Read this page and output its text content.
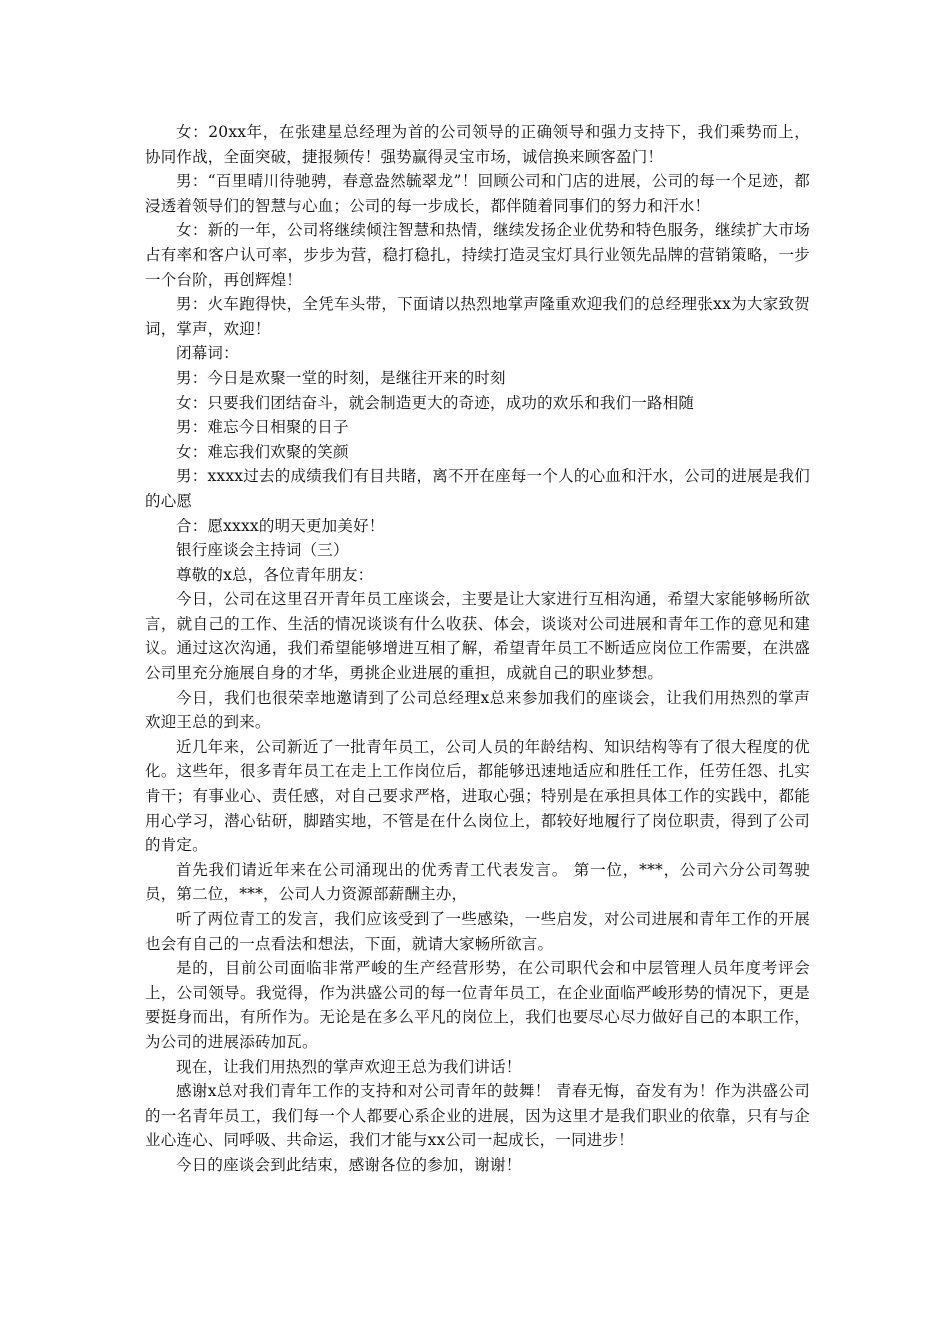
女：20xx年，在张建星总经理为首的公司领导的正确领导和强力支持下，我们乘势而上，协同作战，全面突破，捷报频传！强势赢得灵宝市场，诚信换来顾客盈门！

男：“百里晴川待驰骋，春意盎然毓翠龙”！回顾公司和门店的进展，公司的每一个足迹，都浸透着领导们的智慧与心血；公司的每一步成长，都伴随着同事们的努力和汗水！

女：新的一年，公司将继续倾注智慧和热情，继续发扬企业优势和特色服务，继续扩大市场占有率和客户认可率，步步为营，稳打稳扎，持续打造灵宝灯具行业领先品牌的营销策略，一步一个台阶，再创辉煌！

男：火车跑得快，全凭车头带，下面请以热烈地掌声隆重欢迎我们的总经理张xx为大家致贺词，掌声，欢迎！

闭幕词：

男：今日是欢聚一堂的时刻，是继往开来的时刻

女：只要我们团结奋斗，就会制造更大的奇迹，成功的欢乐和我们一路相随

男：难忘今日相聚的日子

女：难忘我们欢聚的笑颜

男：xxxx过去的成绩我们有目共睹，离不开在座每一个人的心血和汗水，公司的进展是我们的心愿

合：愿xxxx的明天更加美好！

银行座谈会主持词（三）

尊敬的x总，各位青年朋友：

今日，公司在这里召开青年员工座谈会，主要是让大家进行互相沟通，希望大家能够畅所欲言，就自己的工作、生活的情况谈谈有什么收获、体会，谈谈对公司进展和青年工作的意见和建议。通过这次沟通，我们希望能够增进互相了解，希望青年员工不断适应岗位工作需要，在洪盛公司里充分施展自身的才华，勇挑企业进展的重担，成就自己的职业梦想。

今日，我们也很荣幸地邀请到了公司总经理x总来参加我们的座谈会，让我们用热烈的掌声欢迎王总的到来。

近几年来，公司新近了一批青年员工，公司人员的年龄结构、知识结构等有了很大程度的优化。这些年，很多青年员工在走上工作岗位后，都能够迅速地适应和胜任工作，任劳任怨、扎实肯干；有事业心、责任感，对自己要求严格，进取心强；特别是在承担具体工作的实践中，都能用心学习，潜心钻研，脚踏实地，不管是在什么岗位上，都较好地履行了岗位职责，得到了公司的肯定。

首先我们请近年来在公司涌现出的优秀青工代表发言。 第一位，***，公司六分公司驾驶员，第二位，***，公司人力资源部薪酬主办，

听了两位青工的发言，我们应该受到了一些感染，一些启发，对公司进展和青年工作的开展也会有自己的一点看法和想法，下面，就请大家畅所欲言。

是的，目前公司面临非常严峻的生产经营形势，在公司职代会和中层管理人员年度考评会上，公司领导。我觉得，作为洪盛公司的每一位青年员工，在企业面临严峻形势的情况下，更是要挺身而出，有所作为。无论是在多么平凡的岗位上，我们也要尽心尽力做好自己的本职工作，为公司的进展添砖加瓦。

现在，让我们用热烈的掌声欢迎王总为我们讲话！

感谢x总对我们青年工作的支持和对公司青年的鼓舞！ 青春无悔，奋发有为！作为洪盛公司的一名青年员工，我们每一个人都要心系企业的进展，因为这里才是我们职业的依靠，只有与企业心连心、同呼吸、共命运，我们才能与xx公司一起成长，一同进步！

今日的座谈会到此结束，感谢各位的参加，谢谢！
